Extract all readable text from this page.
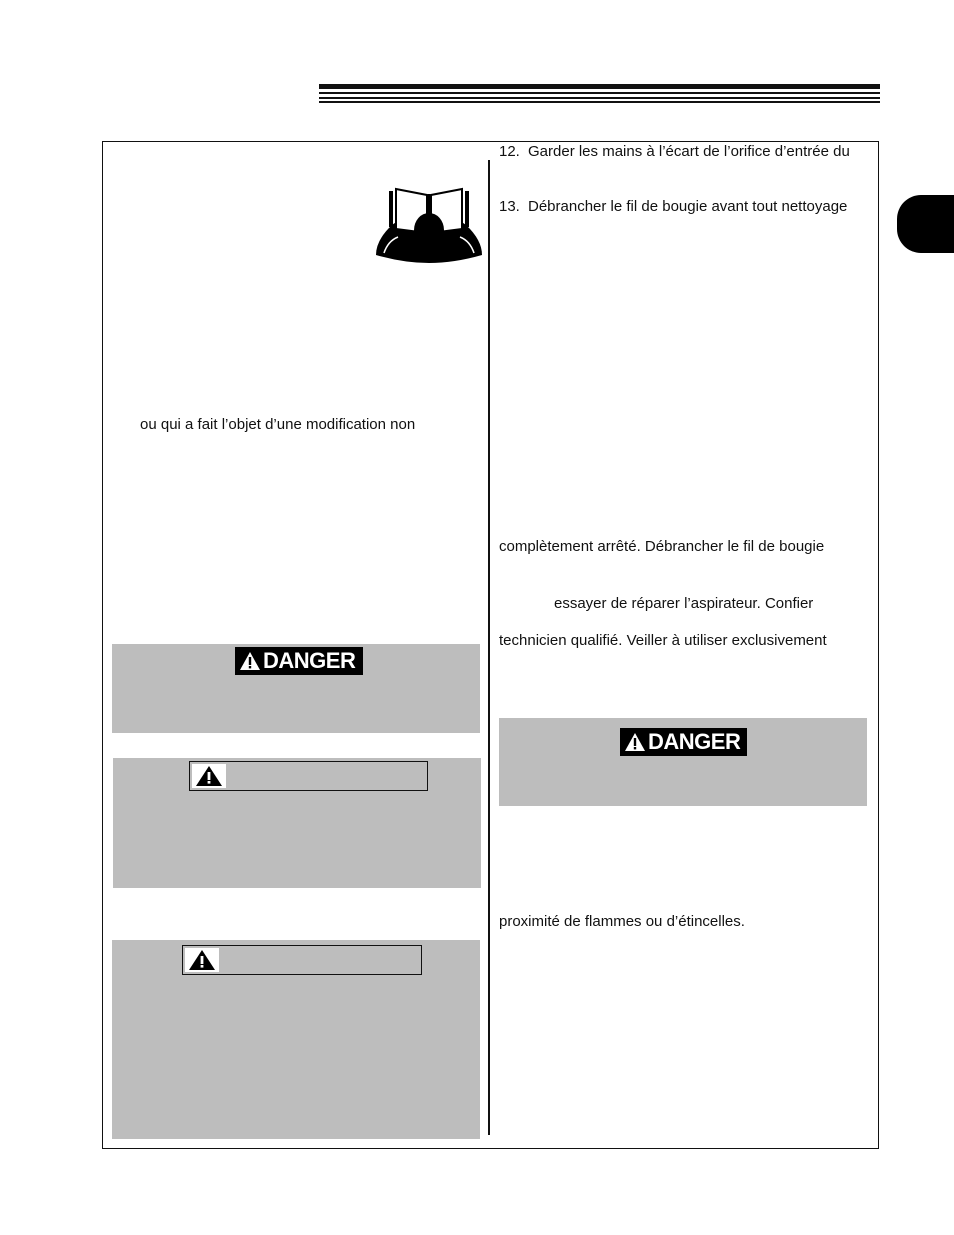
ou qui a fait l’objet d’une modification non
DANGER
12. Garder les mains à l’écart de l’orifice d’entrée du
13. Débrancher le fil de bougie avant tout nettoyage
complètement arrêté. Débrancher le fil de bougie
essayer de réparer l’aspirateur. Confier
technicien qualifié. Veiller à utiliser exclusivement
DANGER
proximité de flammes ou d’étincelles.
